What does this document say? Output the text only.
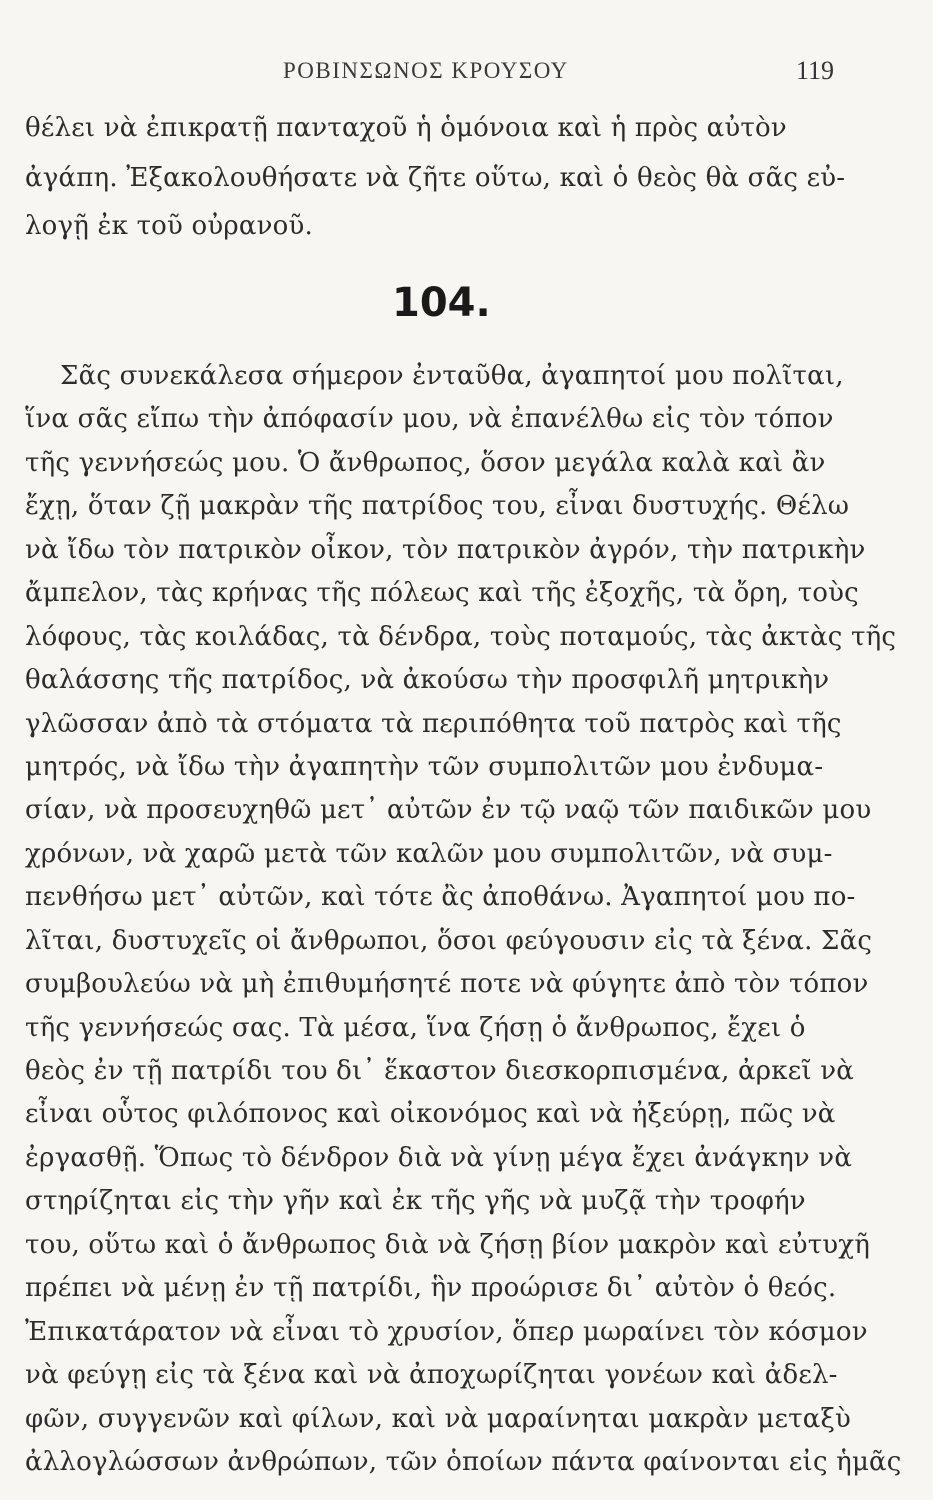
ΡΟΒΙΝΣΩΝΟΣ ΚΡΟΥΣΟΥ	119
θέλει νὰ ἐπικρατῇ πανταχοῦ ἡ ὁμόνοια καὶ ἡ πρὸς αὐτὸν
ἀγάπη. Ἐξακολουθήσατε νὰ ζῆτε οὕτω, καὶ ὁ θεὸς θὰ σᾶς εὐ-
λογῇ ἐκ τοῦ οὐρανοῦ.
104.
Σᾶς συνεκάλεσα σήμερον ἐνταῦθα, ἀγαπητοί μου πολῖται,
ἵνα σᾶς εἴπω τὴν ἀπόφασίν μου, νὰ ἐπανέλθω εἰς τὸν τόπον
τῆς γεννήσεώς μου. Ὁ ἄνθρωπος, ὅσον μεγάλα καλὰ καὶ ἂν
ἔχῃ, ὅταν ζῇ μακρὰν τῆς πατρίδος του, εἶναι δυστυχής. Θέλω
νὰ ἴδω τὸν πατρικὸν οἶκον, τὸν πατρικὸν ἀγρόν, τὴν πατρικὴν
ἄμπελον, τὰς κρήνας τῆς πόλεως καὶ τῆς ἐξοχῆς, τὰ ὄρη, τοὺς
λόφους, τὰς κοιλάδας, τὰ δένδρα, τοὺς ποταμούς, τὰς ἀκτὰς τῆς
θαλάσσης τῆς πατρίδος, νὰ ἀκούσω τὴν προσφιλῆ μητρικὴν
γλῶσσαν ἀπὸ τὰ στόματα τὰ περιπόθητα τοῦ πατρὸς καὶ τῆς
μητρός, νὰ ἴδω τὴν ἀγαπητὴν τῶν συμπολιτῶν μου ἐνδυμα-
σίαν, νὰ προσευχηθῶ μετ᾽ αὐτῶν ἐν τῷ ναῷ τῶν παιδικῶν μου
χρόνων, νὰ χαρῶ μετὰ τῶν καλῶν μου συμπολιτῶν, νὰ συμ-
πενθήσω μετ᾽ αὐτῶν, καὶ τότε ἂς ἀποθάνω. Ἀγαπητοί μου πο-
λῖται, δυστυχεῖς οἱ ἄνθρωποι, ὅσοι φεύγουσιν εἰς τὰ ξένα. Σᾶς
συμβουλεύω νὰ μὴ ἐπιθυμήσητέ ποτε νὰ φύγητε ἀπὸ τὸν τόπον
τῆς γεννήσεώς σας. Τὰ μέσα, ἵνα ζήσῃ ὁ ἄνθρωπος, ἔχει ὁ
θεὸς ἐν τῇ πατρίδι του δι᾽ ἕκαστον διεσκορπισμένα, ἀρκεῖ νὰ
εἶναι οὗτος φιλόπονος καὶ οἰκονόμος καὶ νὰ ἠξεύρῃ, πῶς νὰ
ἐργασθῇ. Ὅπως τὸ δένδρον διὰ νὰ γίνῃ μέγα ἔχει ἀνάγκην νὰ
στηρίζηται εἰς τὴν γῆν καὶ ἐκ τῆς γῆς νὰ μυζᾷ τὴν τροφήν
του, οὕτω καὶ ὁ ἄνθρωπος διὰ νὰ ζήσῃ βίον μακρὸν καὶ εὐτυχῆ
πρέπει νὰ μένῃ ἐν τῇ πατρίδι, ἣν προώρισε δι᾽ αὐτὸν ὁ θεός.
Ἐπικατάρατον νὰ εἶναι τὸ χρυσίον, ὅπερ μωραίνει τὸν κόσμον
νὰ φεύγῃ εἰς τὰ ξένα καὶ νὰ ἀποχωρίζηται γονέων καὶ ἀδελ-
φῶν, συγγενῶν καὶ φίλων, καὶ νὰ μαραίνηται μακρὰν μεταξὺ
ἀλλογλώσσων ἀνθρώπων, τῶν ὁποίων πάντα φαίνονται εἰς ἡμᾶς
